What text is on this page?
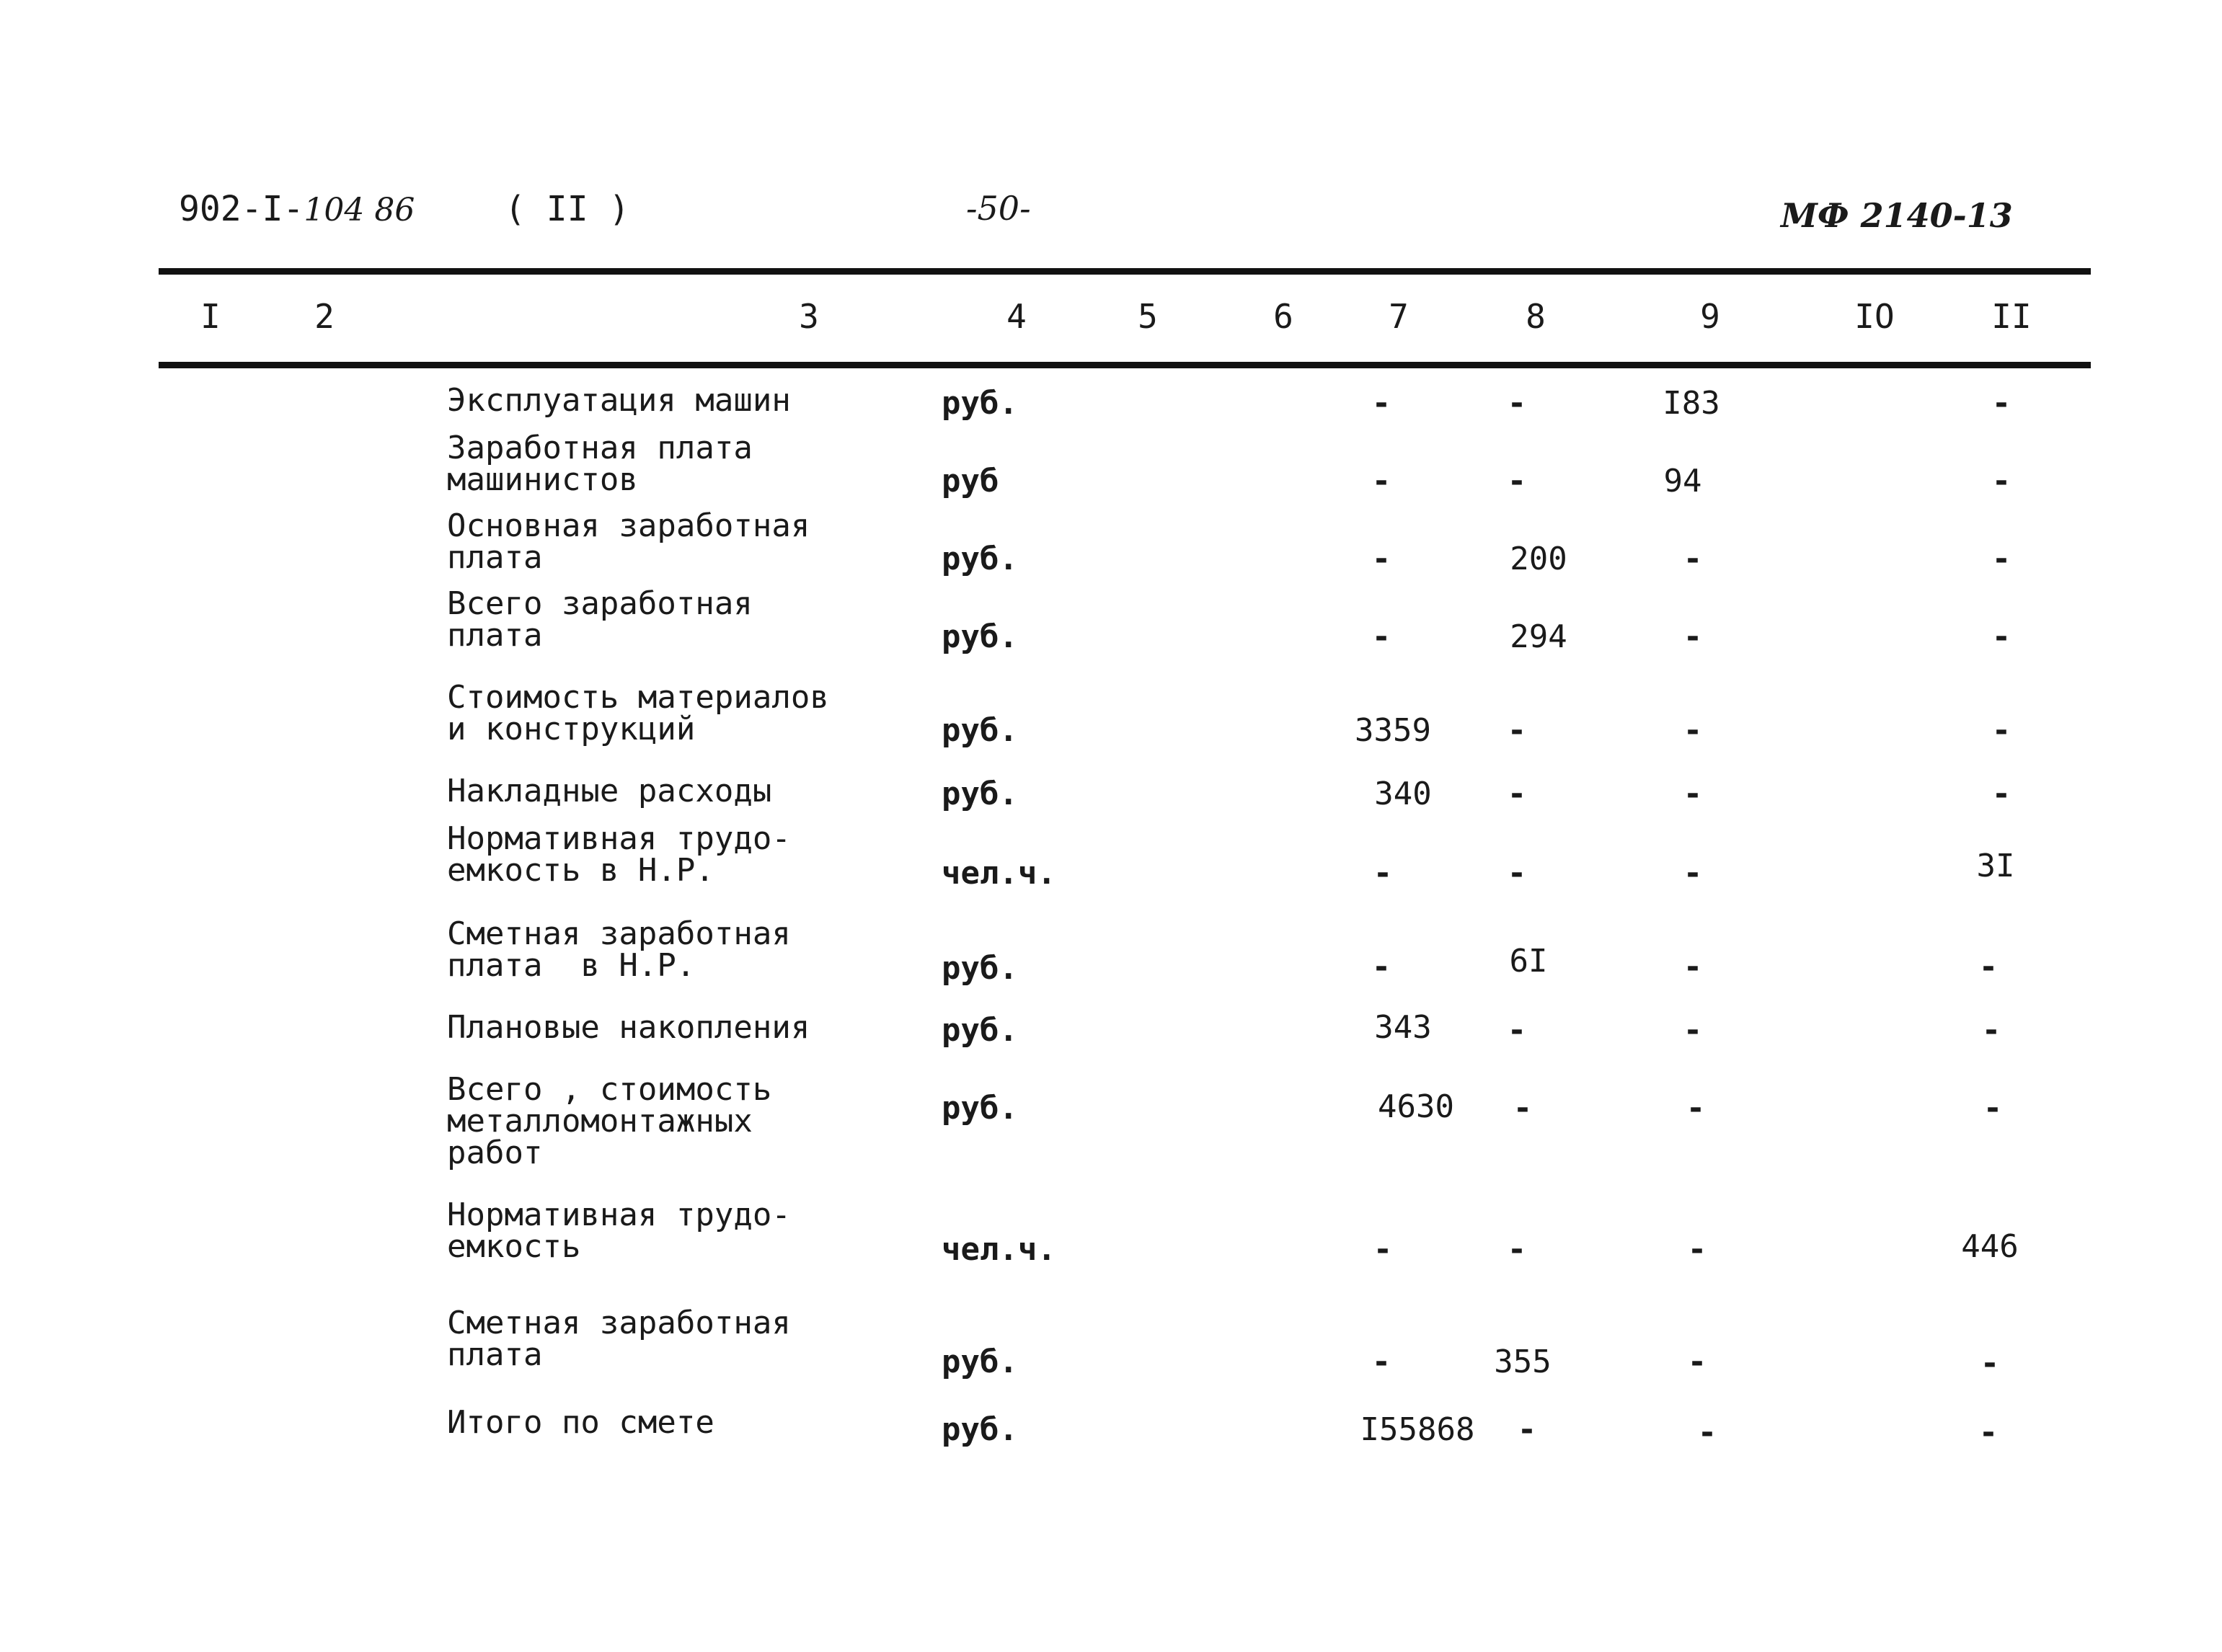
902-I-104 86	( II )	-50-	МФ 2140-13
I	2	3	4	5	6	7	8	9	IO	II
Эксплуатация машин	руб.	-	-	I83	-
Заработная плата
машинистов	руб	-	-	94	-
Основная заработная
плата	руб.	-	200	-	-
Всего заработная
плата	руб.	-	294	-	-
Стоимость материалов
и конструкций	руб.	3359 -	-	-
Накладные расходы	руб.	340 -	-	-
Нормативная трудо-
емкость в Н.Р.	чел.ч.	-	-	-	3I
Сметная заработная
плата  в Н.Р.	руб.	-	6I	-	-
Плановые накопления	руб.	343 -	-	-
Всего , стоимость
металломонтажных
работ
руб.	4630 -	-	-
Нормативная трудо-
емкость	чел.ч.	-	-	-	446
Сметная заработная
плата	руб.	-	355	-	-
Итого по смете	руб.	I55868 -	-	-
